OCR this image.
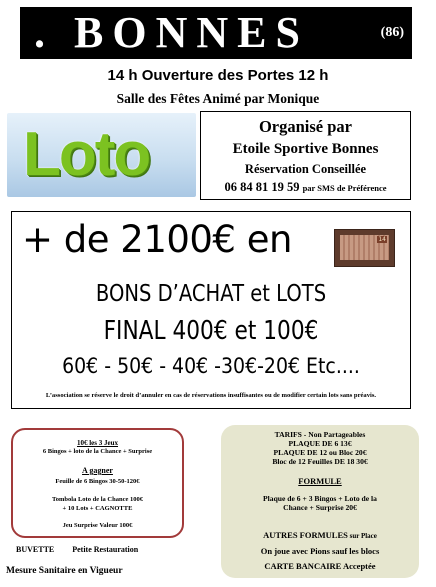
. BONNES	(86)
14 h Ouverture des Portes 12 h
Salle des Fêtes Animé par Monique
Loto	Organisé par
Etoile Sportive Bonnes
Réservation Conseillée
06 84 81 19 59 par SMS de Préférence
+ de 2100€ en	14
BONS D’ACHAT et LOTS
FINAL 400€ et 100€
60€ - 50€ - 40€ -30€-20€ Etc....
L’association se réserve le droit d’annuler en cas de réservations insuffisantes ou de modifier certain lots sans préavis.
10€ les 3 Jeux
6 Bingos + loto de la Chance + Surprise
A gagner
Feuille de 6 Bingos 30-50-120€
Tombola Loto de la Chance 100€
+ 10 Lots + CAGNOTTE
Jeu Surprise Valeur 100€
BUVETTE Petite Restauration
Mesure Sanitaire en Vigueur
TARIFS - Non Partageables
PLAQUE DE 6 13€
PLAQUE DE 12 ou Bloc 20€
Bloc de 12 Feuilles DE 18 30€
FORMULE
Plaque de 6 + 3 Bingos + Loto de la
Chance + Surprise 20€
AUTRES FORMULES sur Place
On joue avec Pions sauf les blocs
CARTE BANCAIRE Acceptée
